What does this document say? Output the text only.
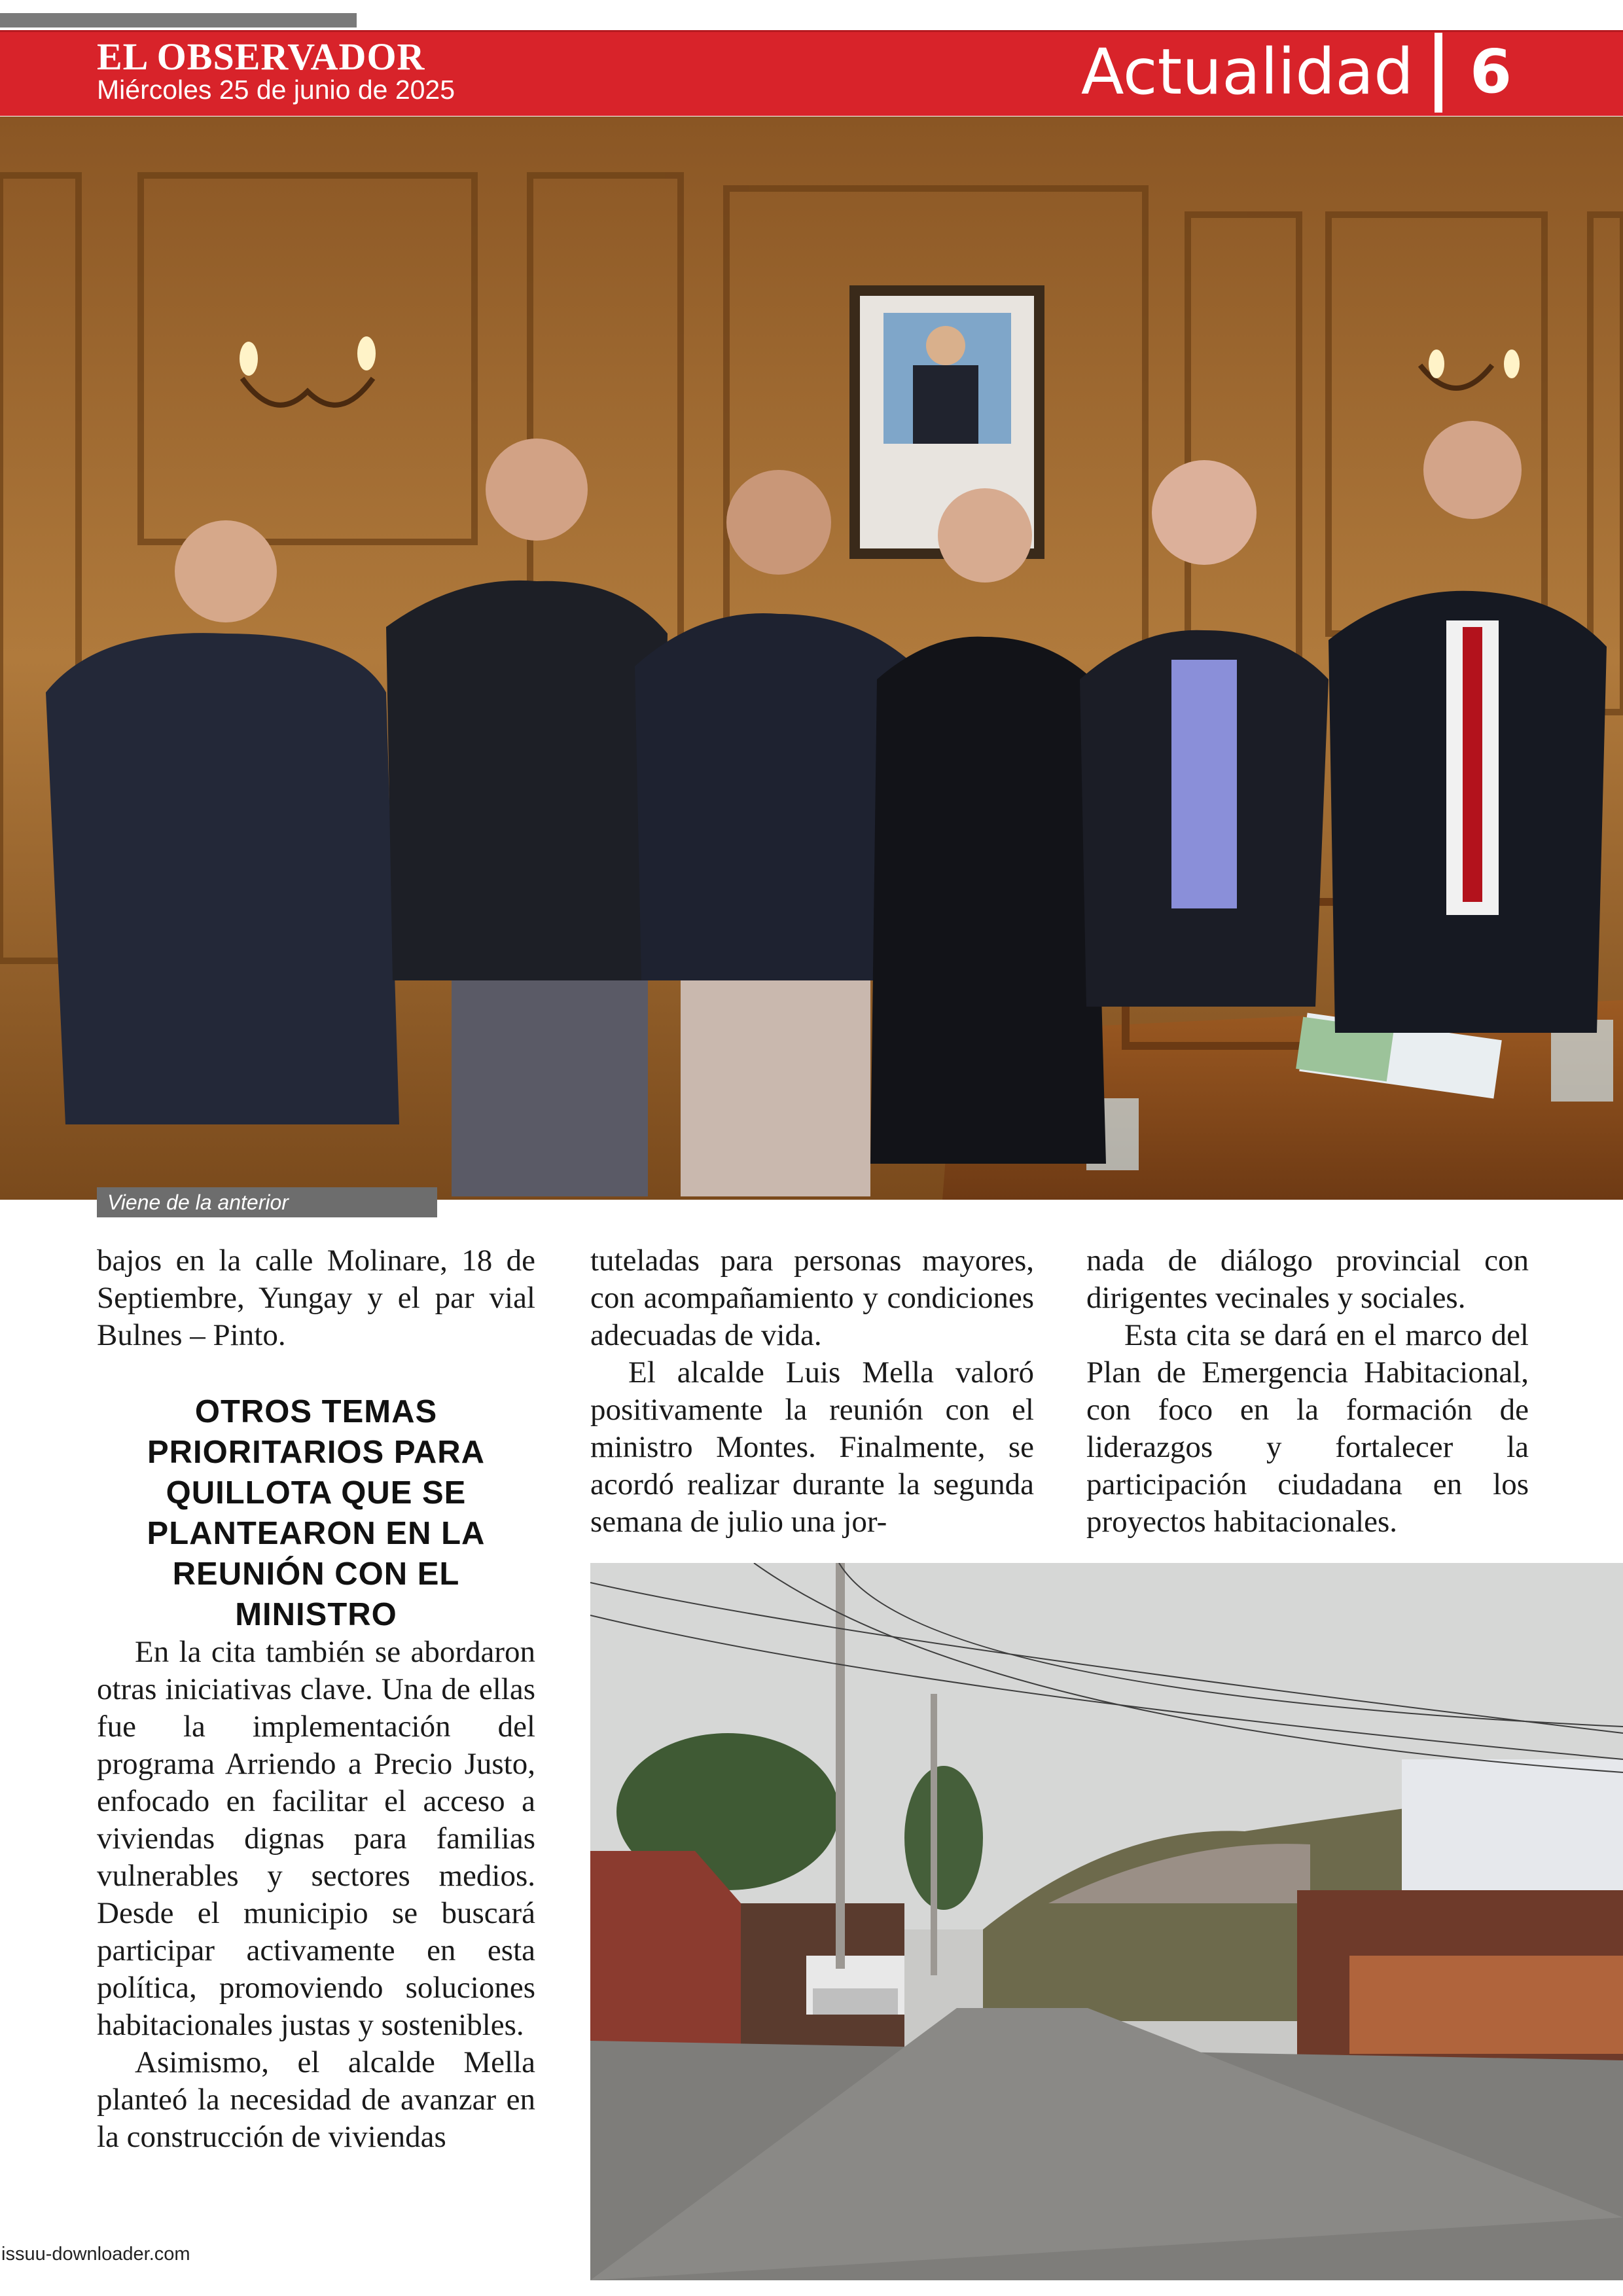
EL OBSERVADOR
Miércoles 25 de junio de 2025	Actualidad 6
Viene de la anterior

bajos en la calle Molinare, 18 de Septiembre, Yungay y el par vial Bulnes – Pinto.

OTROS TEMAS PRIORITARIOS PARA QUILLOTA QUE SE PLANTEARON EN LA REUNIÓN CON EL MINISTRO

En la cita también se abordaron otras iniciativas clave. Una de ellas fue la implementación del programa Arriendo a Precio Justo, enfocado en facilitar el acceso a viviendas dignas para familias vulnerables y sectores medios. Desde el municipio se buscará participar activamente en esta política, promoviendo soluciones habitacionales justas y sostenibles.

Asimismo, el alcalde Mella planteó la necesidad de avanzar en la construcción de viviendas

tuteladas para personas mayores, con acompañamiento y condiciones adecuadas de vida.

El alcalde Luis Mella valoró positivamente la reunión con el ministro Montes. Finalmente, se acordó realizar durante la segunda semana de julio una jor-

nada de diálogo provincial con dirigentes vecinales y sociales.

Esta cita se dará en el marco del Plan de Emergencia Habitacional, con foco en la formación de liderazgos y fortalecer la participación ciudadana en los proyectos habitacionales.

issuu-downloader.com
